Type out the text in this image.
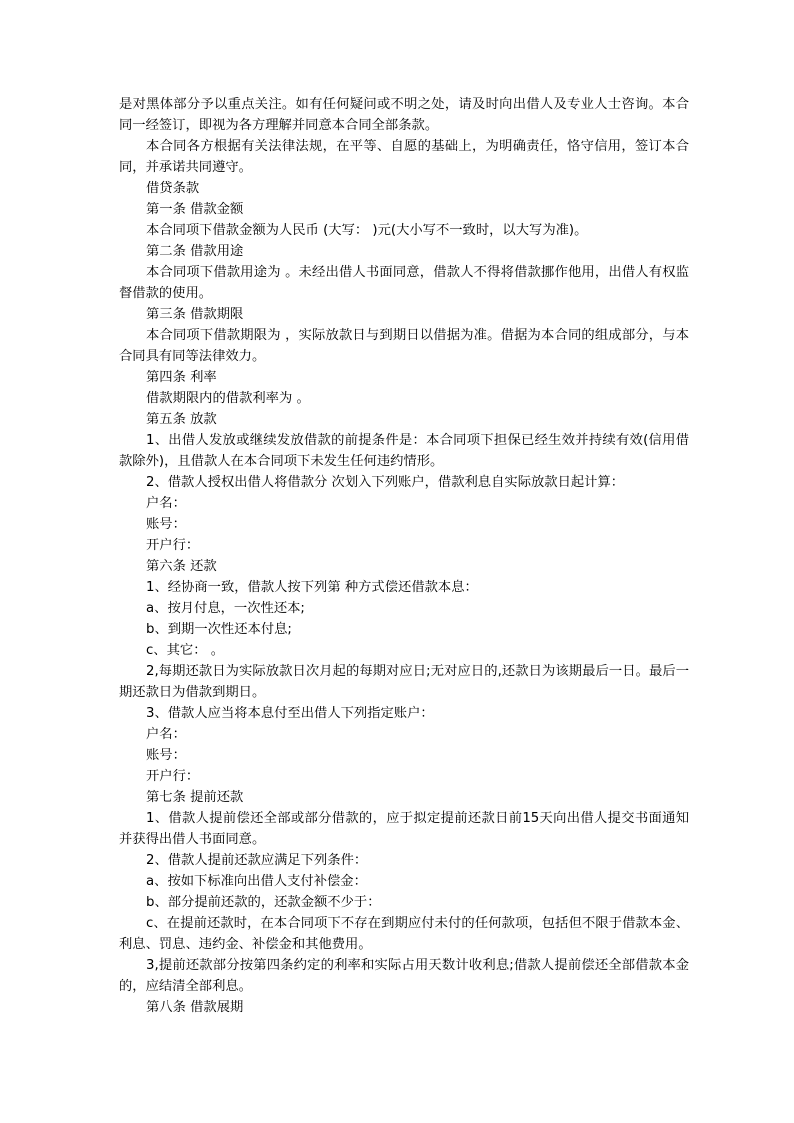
是对黑体部分予以重点关注。如有任何疑问或不明之处，请及时向出借人及专业人士咨询。本合同一经签订，即视为各方理解并同意本合同全部条款。

本合同各方根据有关法律法规，在平等、自愿的基础上，为明确责任，恪守信用，签订本合同，并承诺共同遵守。

借贷条款

第一条 借款金额

本合同项下借款金额为人民币 (大写： )元(大小写不一致时，以大写为准)。

第二条 借款用途

本合同项下借款用途为 。未经出借人书面同意，借款人不得将借款挪作他用，出借人有权监督借款的使用。

第三条 借款期限

本合同项下借款期限为 ，实际放款日与到期日以借据为准。借据为本合同的组成部分，与本合同具有同等法律效力。

第四条 利率

借款期限内的借款利率为 。

第五条 放款

1、出借人发放或继续发放借款的前提条件是：本合同项下担保已经生效并持续有效(信用借款除外)，且借款人在本合同项下未发生任何违约情形。

2、借款人授权出借人将借款分 次划入下列账户，借款利息自实际放款日起计算：

户名：

账号：

开户行：

第六条 还款

1、经协商一致，借款人按下列第 种方式偿还借款本息：

a、按月付息，一次性还本;

b、到期一次性还本付息;

c、其它： 。

2,每期还款日为实际放款日次月起的每期对应日;无对应日的,还款日为该期最后一日。最后一期还款日为借款到期日。

3、借款人应当将本息付至出借人下列指定账户：

户名：

账号：

开户行：

第七条 提前还款

1、借款人提前偿还全部或部分借款的，应于拟定提前还款日前15天向出借人提交书面通知并获得出借人书面同意。

2、借款人提前还款应满足下列条件：

a、按如下标准向出借人支付补偿金：

b、部分提前还款的，还款金额不少于：

c、在提前还款时，在本合同项下不存在到期应付未付的任何款项，包括但不限于借款本金、利息、罚息、违约金、补偿金和其他费用。

3,提前还款部分按第四条约定的利率和实际占用天数计收利息;借款人提前偿还全部借款本金的，应结清全部利息。

第八条 借款展期
